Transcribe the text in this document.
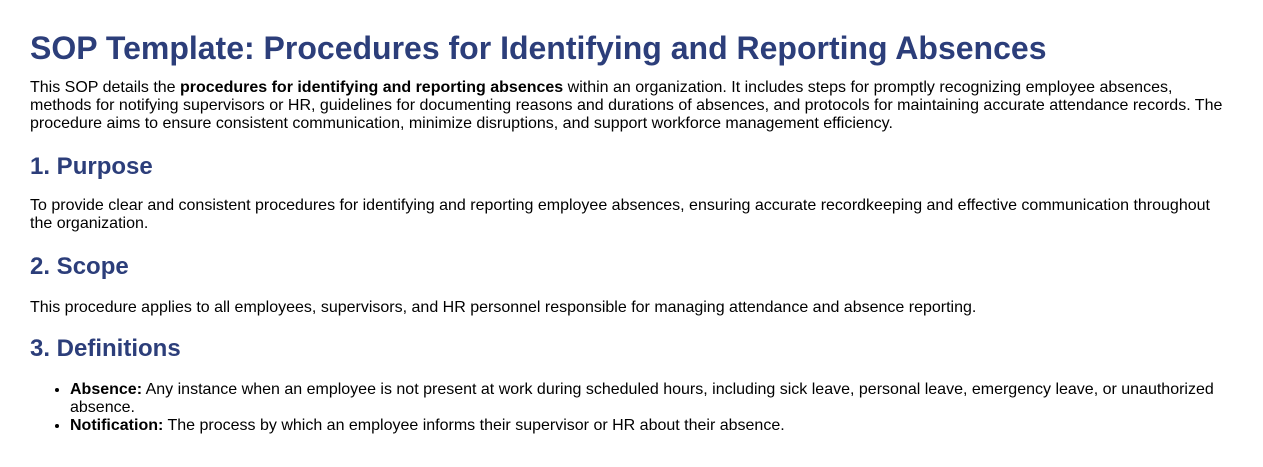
SOP Template: Procedures for Identifying and Reporting Absences

This SOP details the procedures for identifying and reporting absences within an organization. It includes steps for promptly recognizing employee absences, methods for notifying supervisors or HR, guidelines for documenting reasons and durations of absences, and protocols for maintaining accurate attendance records. The procedure aims to ensure consistent communication, minimize disruptions, and support workforce management efficiency.

1. Purpose

To provide clear and consistent procedures for identifying and reporting employee absences, ensuring accurate recordkeeping and effective communication throughout the organization.

2. Scope

This procedure applies to all employees, supervisors, and HR personnel responsible for managing attendance and absence reporting.

3. Definitions
• Absence: Any instance when an employee is not present at work during scheduled hours, including sick leave, personal leave, emergency leave, or unauthorized absence.
• Notification: The process by which an employee informs their supervisor or HR about their absence.
